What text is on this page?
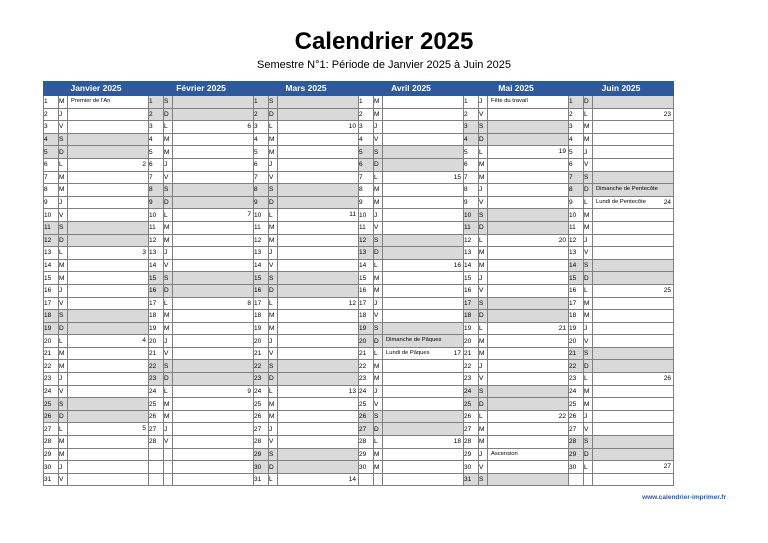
Calendrier 2025
Semestre N°1: Période de Janvier 2025 à Juin 2025
Janvier 2025			Février 2025			Mars 2025			Avril 2025			Mai 2025			Juin 2025		
1	M	Premier de l'An	1	S		1	S		1	M		1	J	Fête du travail	1	D	
2	J		2	D		2	D		2	M		2	V		2	L	23

3	V		3	L	6	3	L	10	3	J		3	S		3	M	
4	S		4	M		4	M		4	V		4	D		4	M	
5	D		5	M		5	M		5	S		5	L	19	5	J	
6	L	2	6	J		6	J		6	D		6	M		6	V	
7	M		7	V		7	V		7	L	15	7	M		7	S	
8	M		8	S		8	S		8	M		8	J		8	D	Dimanche de Pentecôte

9	J		9	D		9	D		9	M		9	V		9	L	Lundi de Pentecôte 24

10	V		10	L	7	10	L	11	10	J		10	S		10	M	
11	S		11	M		11	M		11	V		11	D		11	M	
12	D		12	M		12	M		12	S		12	L	20	12	J	
13	L	3	13	J		13	J		13	D		13	M		13	V	
14	M		14	V		14	V		14	L	16	14	M		14	S	
15	M		15	S		15	S		15	M		15	J		15	D	
16	J		16	D		16	D		16	M		16	V		16	L	25

17	V		17	L	8	17	L	12	17	J		17	S		17	M	
18	S		18	M		18	M		18	V		18	D		18	M	
19	D		19	M		19	M		19	S		19	L	21	19	J	
20	L	4	20	J		20	J		20	D	Dimanche de Pâques	20	M		20	V	
21	M		21	V		21	V		21	L	Lundi de Pâques 17	21	M		21	S	
22	M		22	S		22	S		22	M		22	J		22	D	
23	J		23	D		23	D		23	M		23	V		23	L	26

24	V		24	L	9	24	L	13	24	J		24	S		24	M	
25	S		25	M		25	M		25	V		25	D		25	M	
26	D		26	M		26	M		26	S		26	L	22	26	J	
27	L	5	27	J		27	J		27	D		27	M		27	V	
28	M		28	V		28	V		28	L	18	28	M		28	S	
29	M					29	S		29	M		29	J	Ascension	29	D	
30	J					30	D		30	M		30	V		30	L	27

31	V					31	L	14				31	S				
www.calendrier-imprimer.fr
